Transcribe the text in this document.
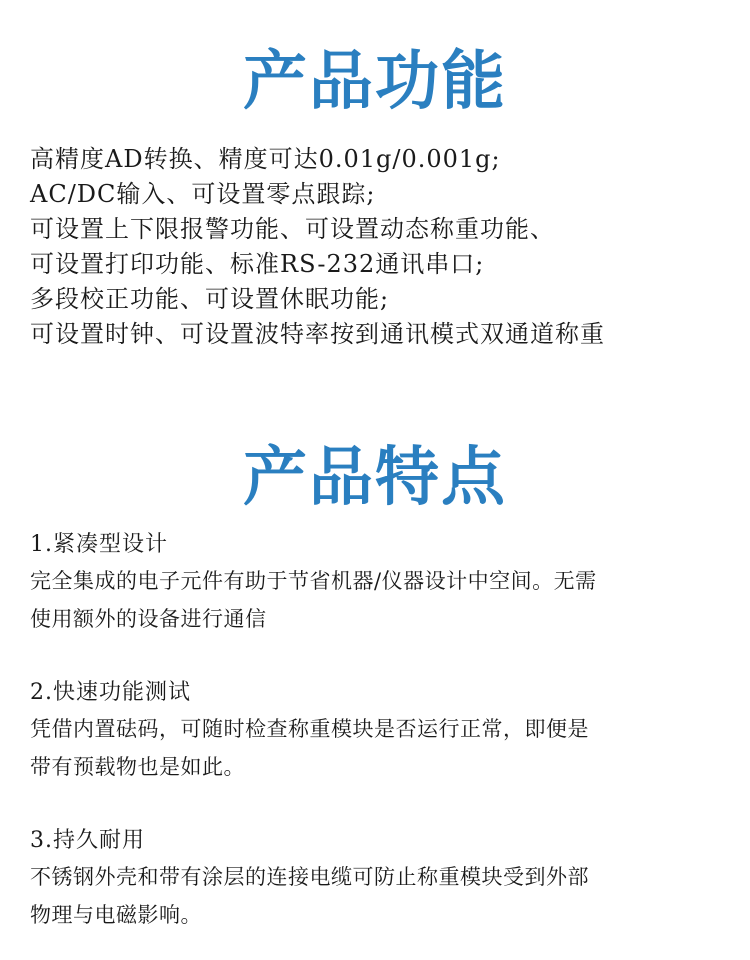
产品功能
高精度AD转换、精度可达0.01g/0.001g;
AC/DC输入、可设置零点跟踪;
可设置上下限报警功能、可设置动态称重功能、
可设置打印功能、标准RS-232通讯串口;
多段校正功能、可设置休眠功能;
可设置时钟、可设置波特率按到通讯模式双通道称重
产品特点
1.紧凑型设计

完全集成的电子元件有助于节省机器/仪器设计中空间。无需

使用额外的设备进行通信

2.快速功能测试

凭借内置砝码，可随时检查称重模块是否运行正常，即便是

带有预载物也是如此。

3.持久耐用

不锈钢外壳和带有涂层的连接电缆可防止称重模块受到外部

物理与电磁影响。
